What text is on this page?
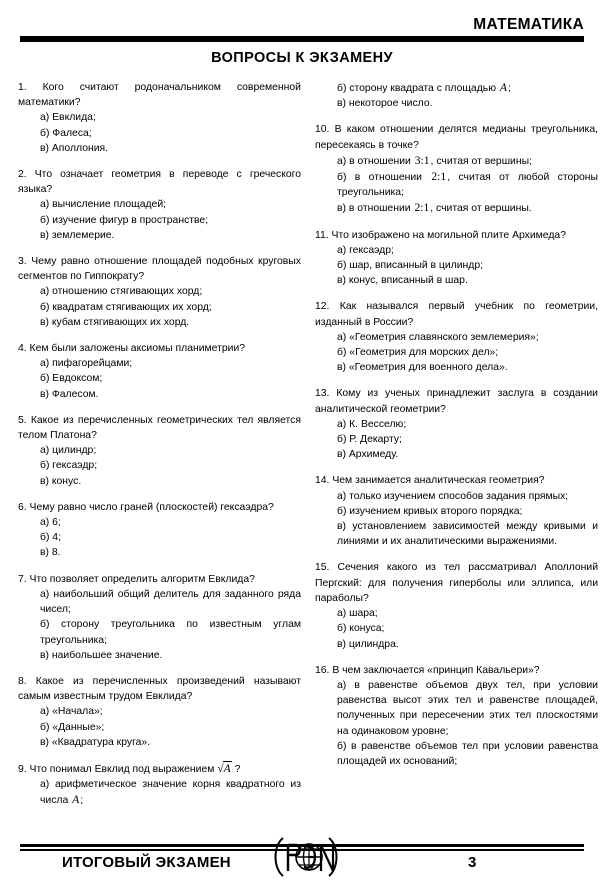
МАТЕМАТИКА
ВОПРОСЫ К ЭКЗАМЕНУ
1. Кого считают родоначальником современной математики?
а) Евклида;
б) Фалеса;
в) Аполлония.
2. Что означает геометрия в переводе с греческого языка?
а) вычисление площадей;
б) изучение фигур в пространстве;
в) землемерие.
3. Чему равно отношение площадей подобных круговых сегментов по Гиппократу?
а) отношению стягивающих хорд;
б) квадратам стягивающих их хорд;
в) кубам стягивающих их хорд.
4. Кем были заложены аксиомы планиметрии?
а) пифагорейцами;
б) Евдоксом;
в) Фалесом.
5. Какое из перечисленных геометрических тел является телом Платона?
а) цилиндр;
б) гексаэдр;
в) конус.
6. Чему равно число граней (плоскостей) гексаэдра?
а) 6;
б) 4;
в) 8.
7. Что позволяет определить алгоритм Евклида?
а) наибольший общий делитель для заданного ряда чисел;
б) сторону треугольника по известным углам треугольника;
в) наибольшее значение.
8. Какое из перечисленных произведений называют самым известным трудом Евклида?
а) «Начала»;
б) «Данные»;
в) «Квадратура круга».
9. Что понимал Евклид под выражением √A ?
а) арифметическое значение корня квадратного из числа A;
б) сторону квадрата с площадью A;
в) некоторое число.
10. В каком отношении делятся медианы треугольника, пересекаясь в точке?
а) в отношении 3:1, считая от вершины;
б) в отношении 2:1, считая от любой стороны треугольника;
в) в отношении 2:1, считая от вершины.
11. Что изображено на могильной плите Архимеда?
а) гексаэдр;
б) шар, вписанный в цилиндр;
в) конус, вписанный в шар.
12. Как назывался первый учебник по геометрии, изданный в России?
а) «Геометрия славянского землемерия»;
б) «Геометрия для морских дел»;
в) «Геометрия для военного дела».
13. Кому из ученых принадлежит заслуга в создании аналитической геометрии?
а) К. Весселю;
б) Р. Декарту;
в) Архимеду.
14. Чем занимается аналитическая геометрия?
а) только изучением способов задания прямых;
б) изучением кривых второго порядка;
в) установлением зависимостей между кривыми и линиями и их аналитическими выражениями.
15. Сечения какого из тел рассматривал Аполлоний Пергский: для получения гиперболы или эллипса, или параболы?
а) шара;
б) конуса;
в) цилиндра.
16. В чем заключается «принцип Кавальери»?
а) в равенстве объемов двух тел, при условии равенства высот этих тел и равенстве площадей, полученных при пересечении этих тел плоскостями на одинаковом уровне;
б) в равенстве объемов тел при условии равенства площадей их оснований;
ИТОГОВЫЙ ЭКЗАМЕН	3
